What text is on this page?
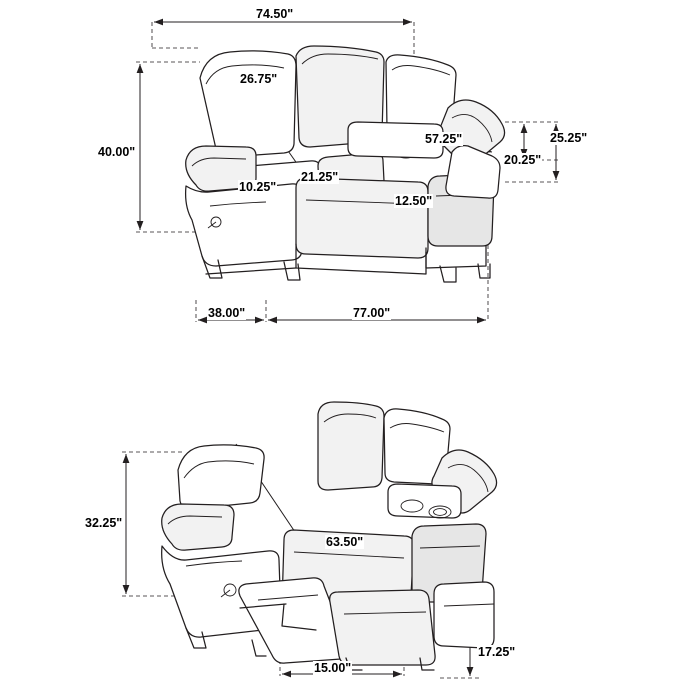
74.50"
26.75"
40.00"
10.25"
21.25"
12.50"
57.25"
20.25"
25.25"
38.00"	77.00"
32.25"
63.50"
15.00"
17.25"
